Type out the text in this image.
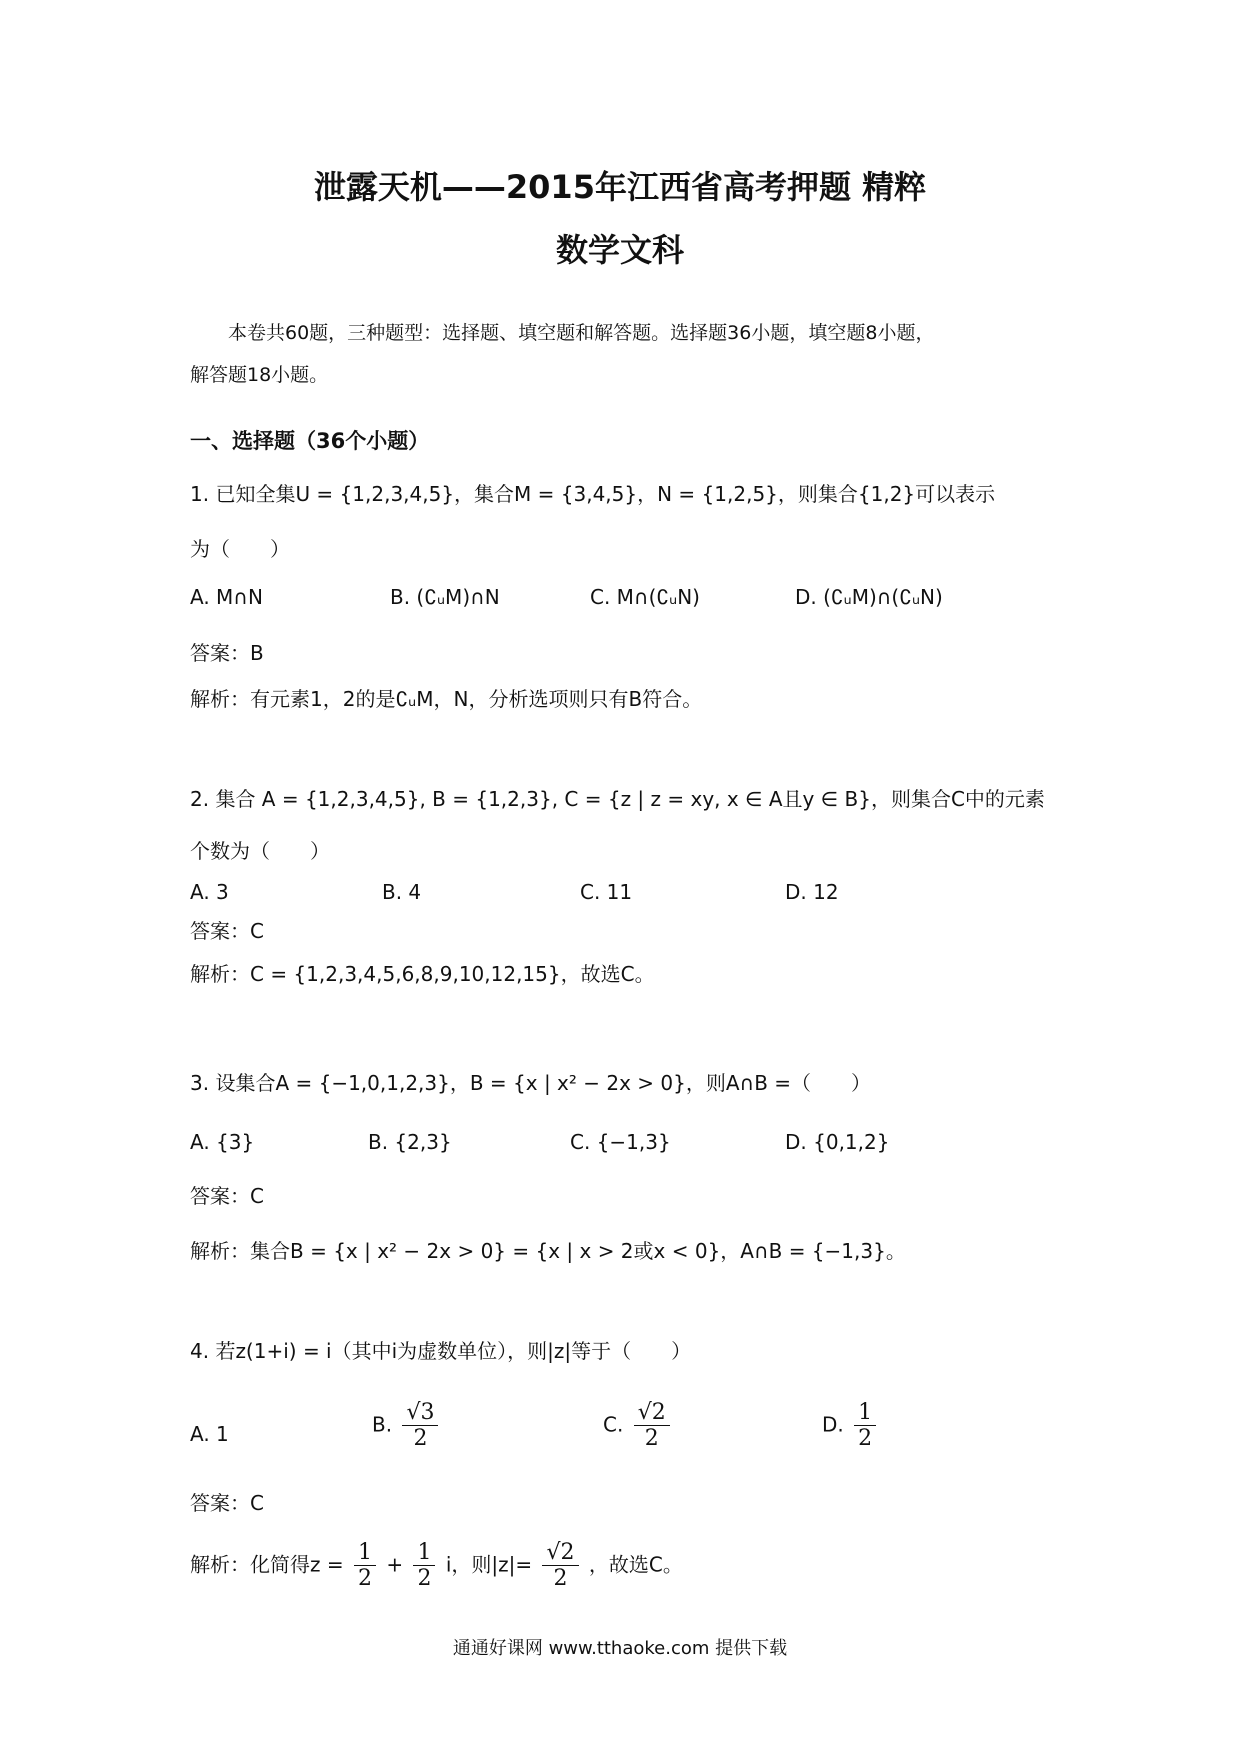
泄露天机——2015年江西省高考押题 精粹
数学文科
本卷共60题，三种题型：选择题、填空题和解答题。选择题36小题，填空题8小题，
解答题18小题。
一、选择题（36个小题）
1. 已知全集U = {1,2,3,4,5}，集合M = {3,4,5}，N = {1,2,5}，则集合{1,2}可以表示
为（　　）
A. M∩N	B. (∁ᵤM)∩N	C. M∩(∁ᵤN)	D. (∁ᵤM)∩(∁ᵤN)
答案：B
解析：有元素1，2的是∁ᵤM，N，分析选项则只有B符合。
2. 集合 A = {1,2,3,4,5}, B = {1,2,3}, C = {z | z = xy, x ∈ A且y ∈ B}，则集合C中的元素
个数为（　　）
A. 3	B. 4	C. 11	D. 12
答案：C
解析：C = {1,2,3,4,5,6,8,9,10,12,15}，故选C。
3. 设集合A = {−1,0,1,2,3}，B = {x | x² − 2x > 0}，则A∩B =（　　）
A. {3}	B. {2,3}	C. {−1,3}	D. {0,1,2}
答案：C
解析：集合B = {x | x² − 2x > 0} = {x | x > 2或x < 0}，A∩B = {−1,3}。
4. 若z(1+i) = i（其中i为虚数单位），则|z|等于（　　）
A. 1	B. $\frac{√3}{2}$	C. $\frac{√2}{2}$	D. $\frac{1}{2}$
答案：C
解析：化简得$z = \frac{1}{2} + \frac{1}{2}$ i，则$|z|= \frac{√2}{2}$ ，故选C。
通通好课网 www.tthaoke.com 提供下载
